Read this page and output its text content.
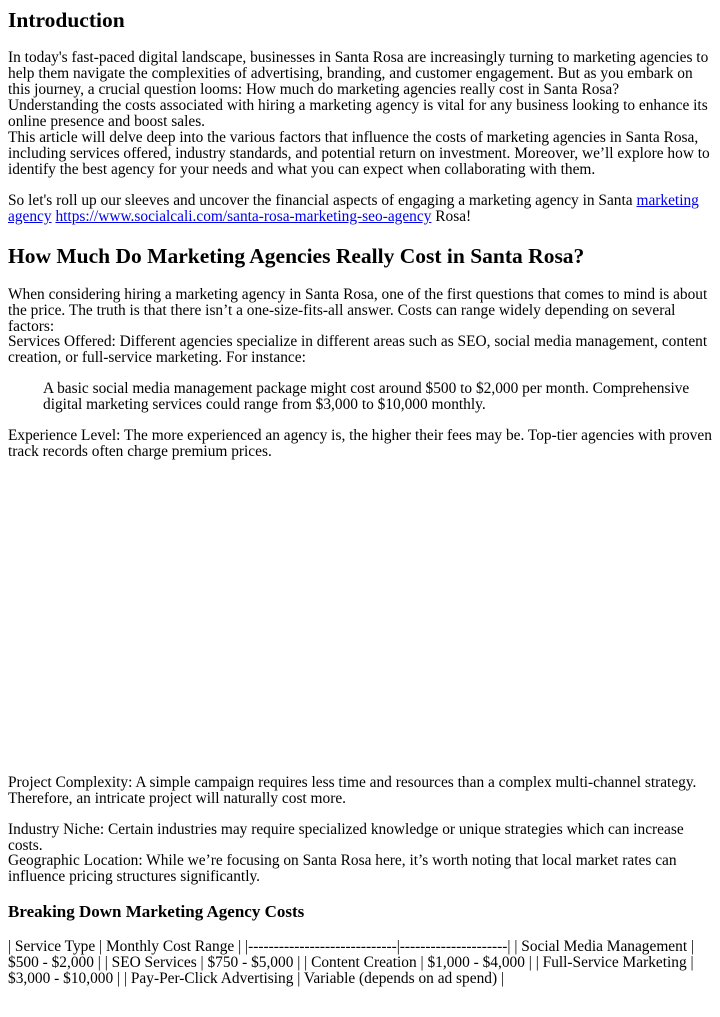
Introduction

In today's fast-paced digital landscape, businesses in Santa Rosa are increasingly turning to marketing agencies to help them navigate the complexities of advertising, branding, and customer engagement. But as you embark on this journey, a crucial question looms: How much do marketing agencies really cost in Santa Rosa? Understanding the costs associated with hiring a marketing agency is vital for any business looking to enhance its online presence and boost sales.

This article will delve deep into the various factors that influence the costs of marketing agencies in Santa Rosa, including services offered, industry standards, and potential return on investment. Moreover, we’ll explore how to identify the best agency for your needs and what you can expect when collaborating with them.

So let's roll up our sleeves and uncover the financial aspects of engaging a marketing agency in Santa marketing agency https://www.socialcali.com/santa-rosa-marketing-seo-agency Rosa!

How Much Do Marketing Agencies Really Cost in Santa Rosa?

When considering hiring a marketing agency in Santa Rosa, one of the first questions that comes to mind is about the price. The truth is that there isn’t a one-size-fits-all answer. Costs can range widely depending on several factors:

Services Offered: Different agencies specialize in different areas such as SEO, social media management, content creation, or full-service marketing. For instance:

A basic social media management package might cost around $500 to $2,000 per month. Comprehensive digital marketing services could range from $3,000 to $10,000 monthly.

Experience Level: The more experienced an agency is, the higher their fees may be. Top-tier agencies with proven track records often charge premium prices.

Project Complexity: A simple campaign requires less time and resources than a complex multi-channel strategy. Therefore, an intricate project will naturally cost more.

Industry Niche: Certain industries may require specialized knowledge or unique strategies which can increase costs.

Geographic Location: While we’re focusing on Santa Rosa here, it’s worth noting that local market rates can influence pricing structures significantly.

Breaking Down Marketing Agency Costs

| Service Type | Monthly Cost Range | |-----------------------------|---------------------| | Social Media Management | $500 - $2,000 | | SEO Services | $750 - $5,000 | | Content Creation | $1,000 - $4,000 | | Full-Service Marketing | $3,000 - $10,000 | | Pay-Per-Click Advertising | Variable (depends on ad spend) |
